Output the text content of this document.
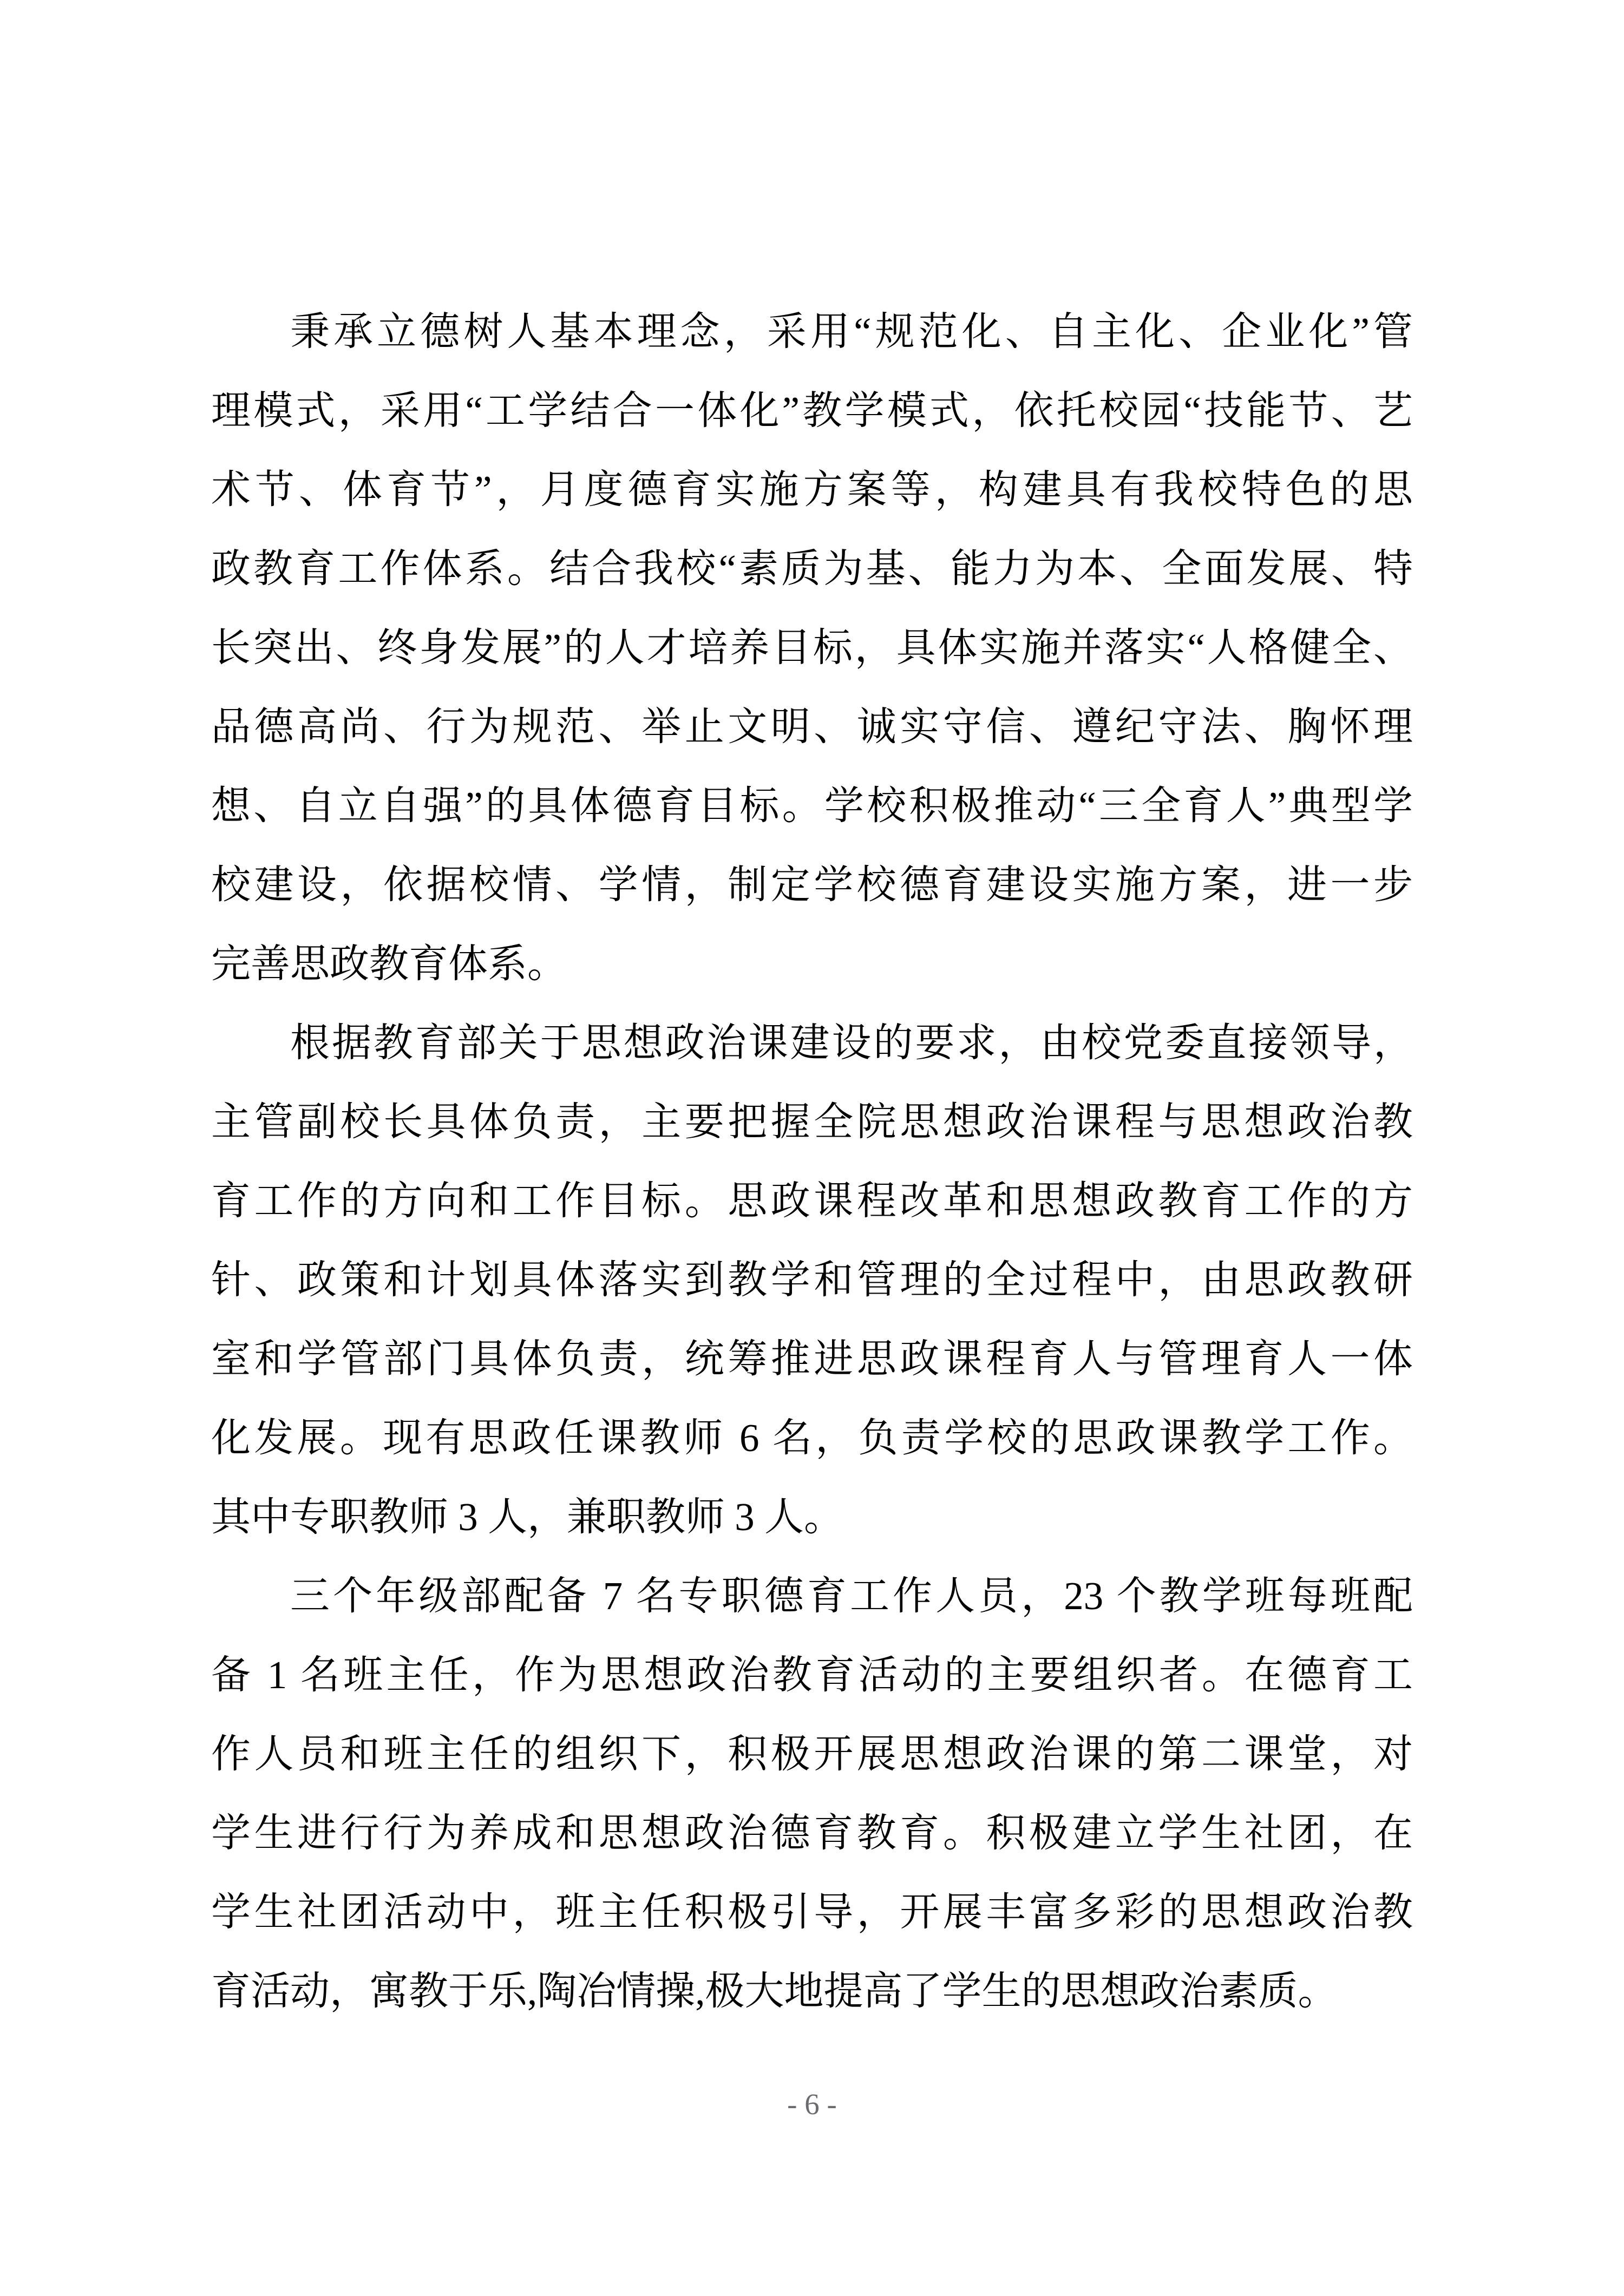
秉承立德树人基本理念，采用“规范化、自主化、企业化”管
理模式，采用“工学结合一体化”教学模式，依托校园“技能节、艺
术节、体育节”，月度德育实施方案等，构建具有我校特色的思
政教育工作体系。结合我校“素质为基、能力为本、全面发展、特
长突出、终身发展”的人才培养目标，具体实施并落实“人格健全、
品德高尚、行为规范、举止文明、诚实守信、遵纪守法、胸怀理
想、自立自强”的具体德育目标。学校积极推动“三全育人”典型学
校建设，依据校情、学情，制定学校德育建设实施方案，进一步
完善思政教育体系。
根据教育部关于思想政治课建设的要求，由校党委直接领导，
主管副校长具体负责，主要把握全院思想政治课程与思想政治教
育工作的方向和工作目标。思政课程改革和思想政教育工作的方
针、政策和计划具体落实到教学和管理的全过程中，由思政教研
室和学管部门具体负责，统筹推进思政课程育人与管理育人一体
化发展。现有思政任课教师 6 名，负责学校的思政课教学工作。
其中专职教师 3 人，兼职教师 3 人。
三个年级部配备 7 名专职德育工作人员，23 个教学班每班配
备 1 名班主任，作为思想政治教育活动的主要组织者。在德育工
作人员和班主任的组织下，积极开展思想政治课的第二课堂，对
学生进行行为养成和思想政治德育教育。积极建立学生社团，在
学生社团活动中，班主任积极引导，开展丰富多彩的思想政治教
育活动，寓教于乐,陶冶情操,极大地提高了学生的思想政治素质。
- 6 -
